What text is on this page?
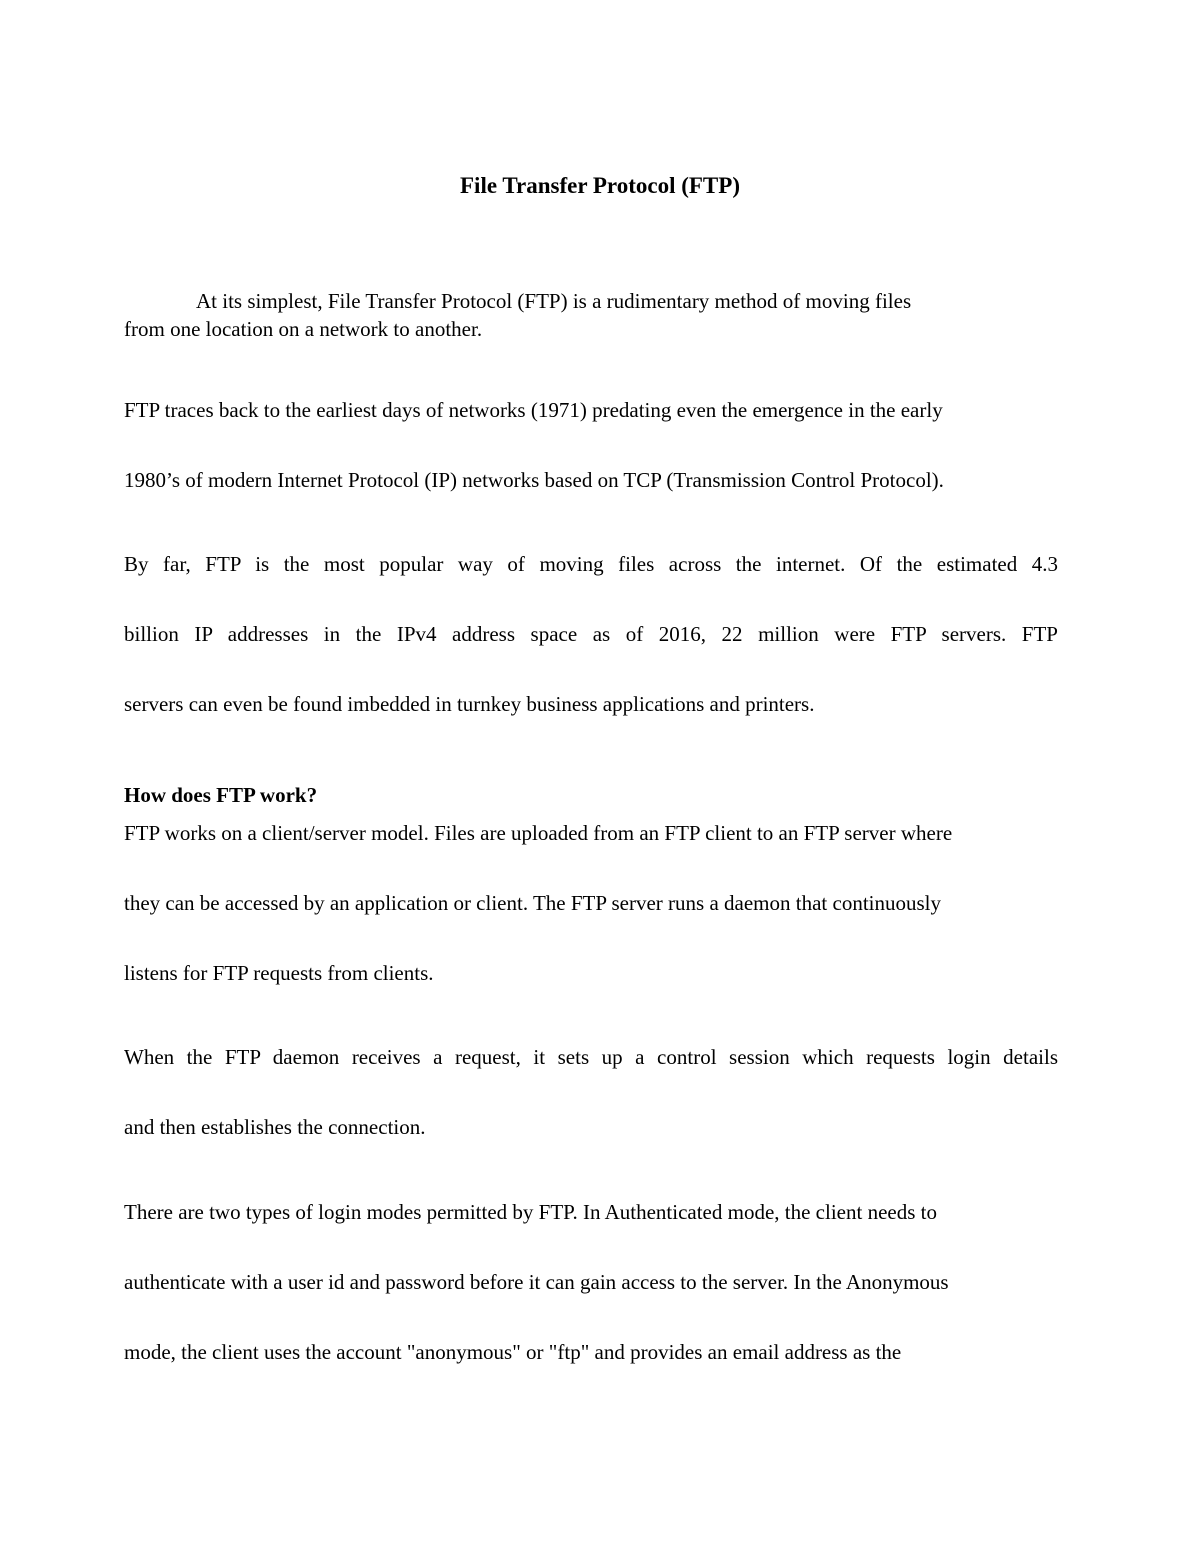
File Transfer Protocol (FTP)
At its simplest, File Transfer Protocol (FTP) is a rudimentary method of moving files
from one location on a network to another.
FTP traces back to the earliest days of networks (1971) predating even the emergence in the early
1980’s of modern Internet Protocol (IP) networks based on TCP (Transmission Control Protocol).
By far, FTP is the most popular way of moving files across the internet. Of the estimated 4.3
billion IP addresses in the IPv4 address space as of 2016, 22 million were FTP servers. FTP
servers can even be found imbedded in turnkey business applications and printers.
How does FTP work?
FTP works on a client/server model. Files are uploaded from an FTP client to an FTP server where
they can be accessed by an application or client. The FTP server runs a daemon that continuously
listens for FTP requests from clients.
When the FTP daemon receives a request, it sets up a control session which requests login details
and then establishes the connection.
There are two types of login modes permitted by FTP. In Authenticated mode, the client needs to
authenticate with a user id and password before it can gain access to the server. In the Anonymous
mode, the client uses the account "anonymous" or "ftp" and provides an email address as the
